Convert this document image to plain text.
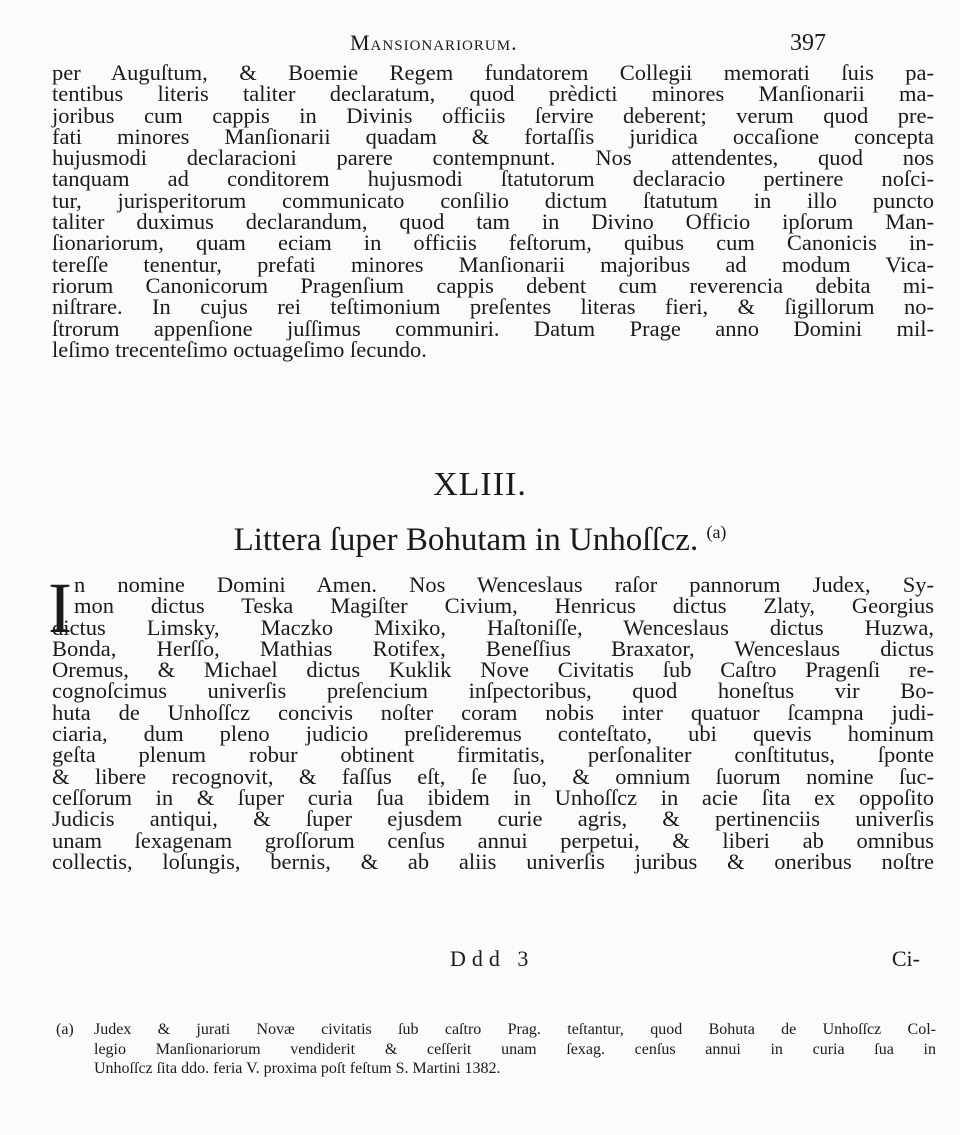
Mansionariorum.	397
per Auguſtum, & Boemie Regem fundatorem Collegii memorati ſuis pa-
tentibus literis taliter declaratum, quod prèdicti minores Manſionarii ma-
joribus cum cappis in Divinis officiis ſervire deberent; verum quod pre-
fati minores Manſionarii quadam & fortaſſis juridica occaſione concepta
hujusmodi declaracioni parere contempnunt. Nos attendentes, quod nos
tanquam ad conditorem hujusmodi ſtatutorum declaracio pertinere noſci-
tur, jurisperitorum communicato conſilio dictum ſtatutum in illo puncto
taliter duximus declarandum, quod tam in Divino Officio ipſorum Man-
ſionariorum, quam eciam in officiis feſtorum, quibus cum Canonicis in-
tereſſe tenentur, prefati minores Manſionarii majoribus ad modum Vica-
riorum Canonicorum Pragenſium cappis debent cum reverencia debita mi-
niſtrare. In cujus rei teſtimonium preſentes literas fieri, & ſigillorum no-
ſtrorum appenſione juſſimus communiri. Datum Prage anno Domini mil-
leſimo trecenteſimo octuageſimo ſecundo.
XLIII.
Littera ſuper Bohutam in Unhoſſcz. $^{(a)}$
I n nomine Domini Amen. Nos Wenceslaus raſor pannorum Judex, Sy-
mon dictus Teska Magiſter Civium, Henricus dictus Zlaty, Georgius
dictus Limsky, Maczko Mixiko, Haſtoniſſe, Wenceslaus dictus Huzwa,
Bonda, Herſſo, Mathias Rotifex, Beneſſius Braxator, Wenceslaus dictus
Oremus, & Michael dictus Kuklik Nove Civitatis ſub Caſtro Pragenſi re-
cognoſcimus univerſis preſencium inſpectoribus, quod honeſtus vir Bo-
huta de Unhoſſcz concivis noſter coram nobis inter quatuor ſcampna judi-
ciaria, dum pleno judicio preſideremus conteſtato, ubi quevis hominum
geſta plenum robur obtinent firmitatis, perſonaliter conſtitutus, ſponte
& libere recognovit, & faſſus eſt, ſe ſuo, & omnium ſuorum nomine ſuc-
ceſſorum in & ſuper curia ſua ibidem in Unhoſſcz in acie ſita ex oppoſito
Judicis antiqui, & ſuper ejusdem curie agris, & pertinenciis univerſis
unam ſexagenam groſſorum cenſus annui perpetui, & liberi ab omnibus
collectis, loſungis, bernis, & ab aliis univerſis juribus & oneribus noſtre
Ddd 3	Ci-
(a) Judex & jurati Novæ civitatis ſub caſtro Prag. teſtantur, quod Bohuta de Unhoſſcz Col-
legio Manſionariorum vendiderit & ceſſerit unam ſexag. cenſus annui in curia ſua in
Unhoſſcz ſita ddo. feria V. proxima poſt feſtum S. Martini 1382.
